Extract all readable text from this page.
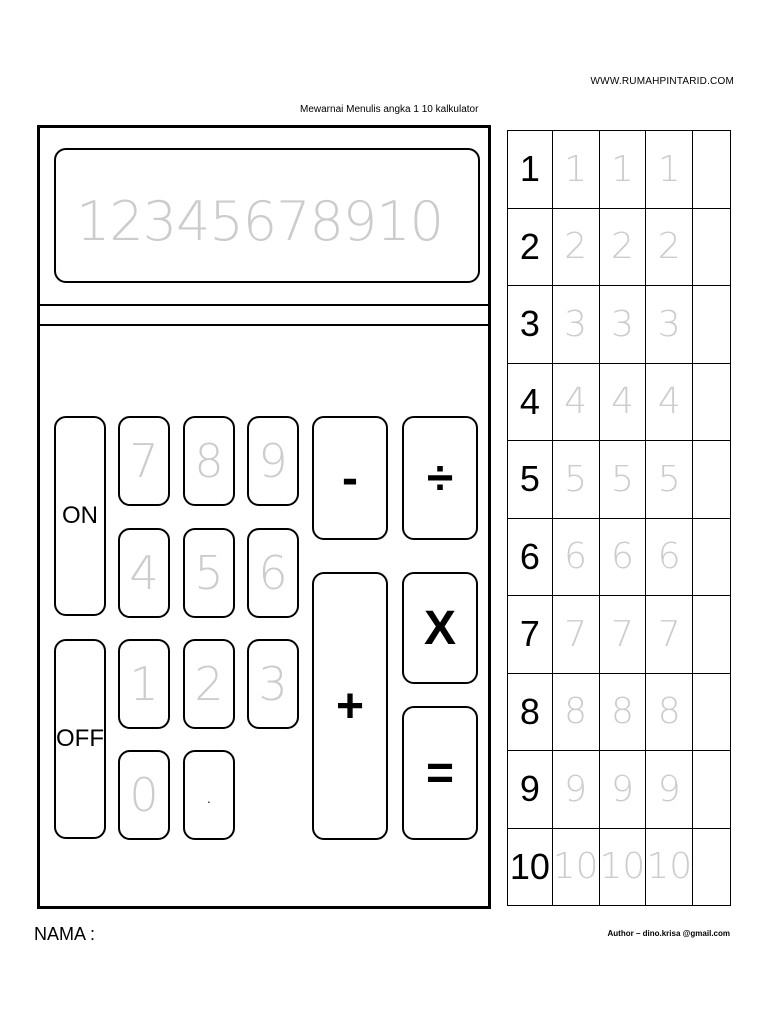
WWW.RUMAHPINTARID.COM
Mewarnai Menulis angka 1 10 kalkulator
12345678910
ON
OFF
7 8 9
4 5 6
1 2 3
0	.
-	÷
+
X
=
1	1	1	1	
2	2	2	2	
3	3	3	3	
4	4	4	4	
5	5	5	5	
6	6	6	6	
7	7	7	7	
8	8	8	8	
9	9	9	9	
10	10	10	10	
NAMA :	Author – dino.krisa @gmail.com
